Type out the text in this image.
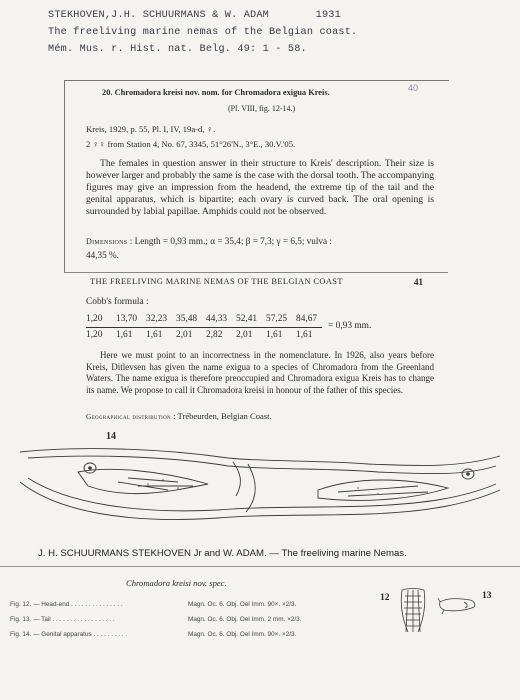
STEKHOVEN,J.H. SCHUURMANS & W. ADAM	1931
The freeliving marine nemas of the Belgian coast.
Mém. Mus. r. Hist. nat. Belg. 49: 1 - 58.
20. Chromadora kreisi nov. nom. for Chromadora exigua Kreis.	40
(Pl. VIII, fig. 12-14.)
Kreis, 1929, p. 55, Pl. I, IV, 19a-d, ♀.
2 ♀♀ from Station 4, No. 67, 3345, 51°26'N., 3°E., 30.V.'05.
The females in question answer in their structure to Kreis' description. Their size is however larger and probably the same is the case with the dorsal tooth. The accompanying figures may give an impression from the headend, the extreme tip of the tail and the genital apparatus, which is bipartite; each ovary is curved back. The oral opening is surrounded by labial papillae. Amphids could not be observed.
Dimensions : Length = 0,93 mm.; α = 35,4; β = 7,3; γ = 6,5; vulva :
44,35 %.
THE FREELIVING MARINE NEMAS OF THE BELGIAN COAST	41
Cobb's formula :
1,20 13,70 32,23 35,48 44,33 52,41 57,25 84,67
1,20 1,61 1,61 2,01 2,82 2,01 1,61 1,61
= 0,93 mm.
Here we must point to an incorrectness in the nomenclature. In 1926, also years before Kreis, Ditlevsen has given the name exigua to a species of Chromadora from the Greenland Waters. The name exigua is therefore preoccupied and Chromadora exigua Kreis has to change its name. We propose to call it Chromadora kreisi in honour of the father of this species.
Geographical distribution : Trébeurden, Belgian Coast.
14
J. H. SCHUURMANS STEKHOVEN Jr and W. ADAM. — The freeliving marine Nemas.
Chromadora kreisi nov. spec.
Fig. 12. — Head-end . . . . . . . . . . . . . . .	Magn. Oc. 6. Obj. Oel Imm. 90×. ×2/3.
Fig. 13. — Tail . . . . . . . . . . . . . . . . . .	Magn. Oc. 6. Obj. Oel Imm. 2 mm. ×2/3.
Fig. 14. — Genital apparatus . . . . . . . . . .	Magn. Oc. 6. Obj. Oel Imm. 90×. ×2/3.
12	13
